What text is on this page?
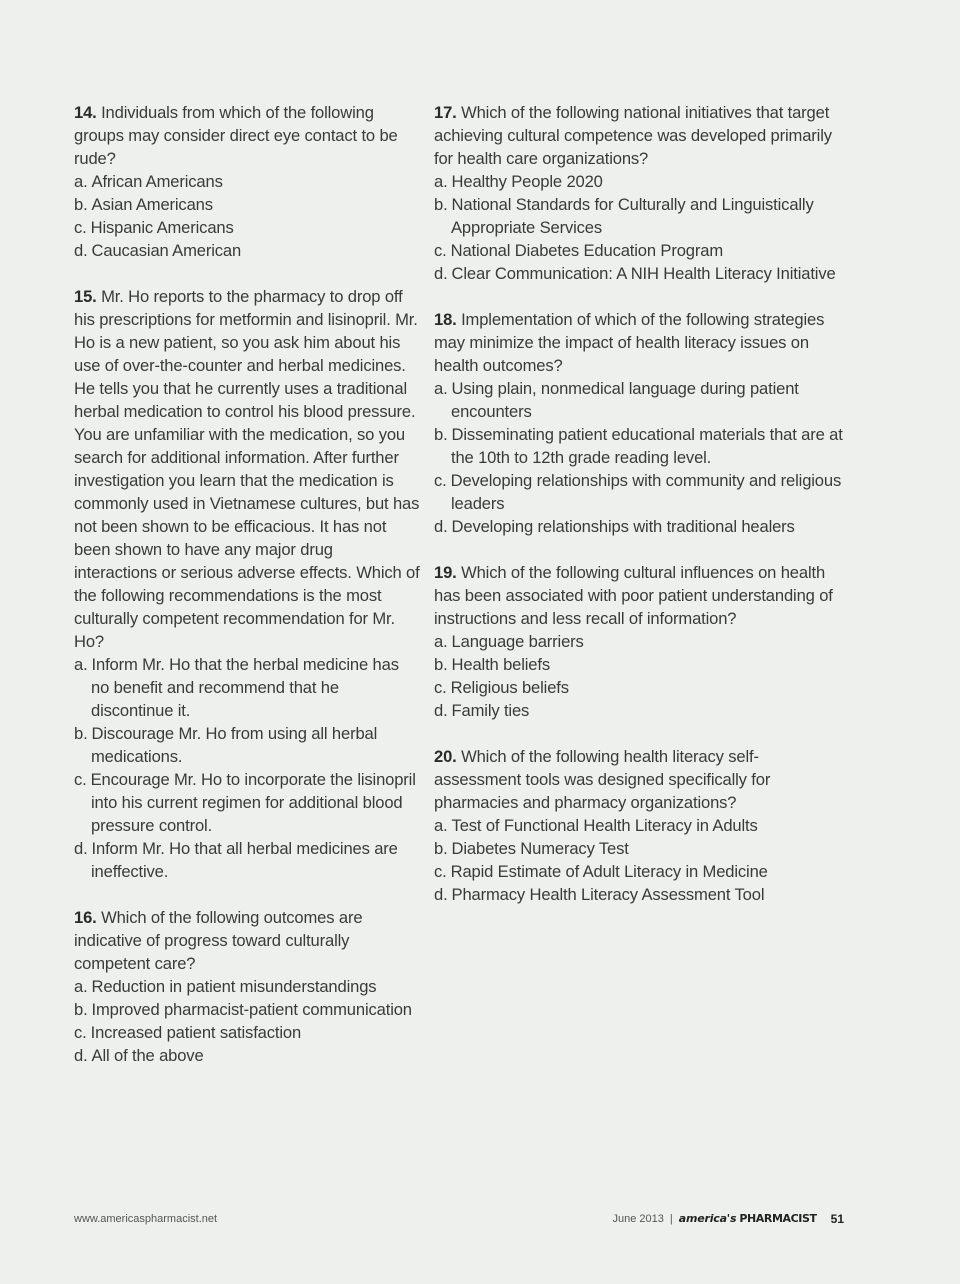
14. Individuals from which of the following groups may consider direct eye contact to be rude?

a. African Americans
b. Asian Americans
c. Hispanic Americans
d. Caucasian American

15. Mr. Ho reports to the pharmacy to drop off his prescriptions for metformin and lisinopril. Mr. Ho is a new patient, so you ask him about his use of over-the-counter and herbal medicines. He tells you that he currently uses a traditional herbal medication to control his blood pressure. You are unfamiliar with the medication, so you search for additional information. After further investigation you learn that the medication is commonly used in Vietnamese cultures, but has not been shown to be efficacious. It has not been shown to have any major drug interactions or serious adverse effects. Which of the following recommendations is the most culturally competent recommendation for Mr. Ho?

a. Inform Mr. Ho that the herbal medicine has no benefit and recommend that he discontinue it.
b. Discourage Mr. Ho from using all herbal medications.
c. Encourage Mr. Ho to incorporate the lisinopril into his current regimen for additional blood pressure control.
d. Inform Mr. Ho that all herbal medicines are ineffective.

16. Which of the following outcomes are indicative of progress toward culturally competent care?

a. Reduction in patient misunderstandings
b. Improved pharmacist-patient communication
c. Increased patient satisfaction
d. All of the above

17. Which of the following national initiatives that target achieving cultural competence was developed primarily for health care organizations?

a. Healthy People 2020
b. National Standards for Culturally and Linguistically Appropriate Services
c. National Diabetes Education Program
d. Clear Communication: A NIH Health Literacy Initiative

18. Implementation of which of the following strategies may minimize the impact of health literacy issues on health outcomes?

a. Using plain, nonmedical language during patient encounters
b. Disseminating patient educational materials that are at the 10th to 12th grade reading level.
c. Developing relationships with community and religious leaders
d. Developing relationships with traditional healers

19. Which of the following cultural influences on health has been associated with poor patient understanding of instructions and less recall of information?

a. Language barriers
b. Health beliefs
c. Religious beliefs
d. Family ties

20. Which of the following health literacy self-assessment tools was designed specifically for pharmacies and pharmacy organizations?

a. Test of Functional Health Literacy in Adults
b. Diabetes Numeracy Test
c. Rapid Estimate of Adult Literacy in Medicine
d. Pharmacy Health Literacy Assessment Tool
www.americaspharmacist.net	June 2013 | america's PHARMACIST 51
